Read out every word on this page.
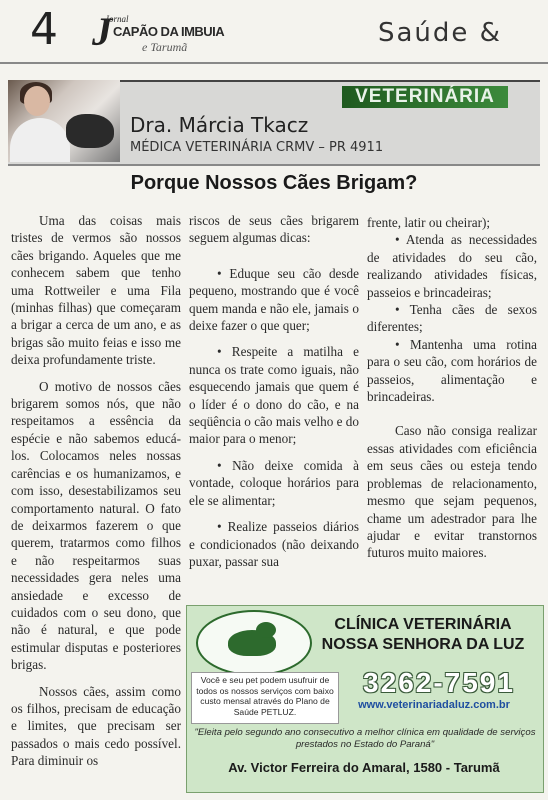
4 J
Jornal
CAPÃO DA IMBUIA
e Tarumã	Saúde &
VETERINÁRIA
Dra. Márcia Tkacz
MÉDICA VETERINÁRIA CRMV – PR 4911
Porque Nossos Cães Brigam?

Uma das coisas mais tristes de vermos são nossos cães brigando. Aqueles que me conhecem sabem que tenho uma Rottweiler e uma Fila (minhas filhas) que começaram a brigar a cerca de um ano, e as brigas são muito feias e isso me deixa profundamente triste.

O motivo de nossos cães brigarem somos nós, que não respeitamos a essência da espécie e não sabemos educá-los. Colocamos neles nossas carências e os humanizamos, e com isso, desestabilizamos seu comportamento natural. O fato de deixarmos fazerem o que querem, tratarmos como filhos e não respeitarmos suas necessidades gera neles uma ansiedade e excesso de cuidados com o seu dono, que não é natural, e que pode estimular disputas e posteriores brigas.

Nossos cães, assim como os filhos, precisam de educação e limites, que precisam ser passados o mais cedo possível. Para diminuir os

riscos de seus cães brigarem seguem algumas dicas:

• Eduque seu cão desde pequeno, mostrando que é você quem manda e não ele, jamais o deixe fazer o que quer;

• Respeite a matilha e nunca os trate como iguais, não esquecendo jamais que quem é o líder é o dono do cão, e na seqüência o cão mais velho e do maior para o menor;

• Não deixe comida à vontade, coloque horários para ele se alimentar;

• Realize passeios diários e condicionados (não deixando puxar, passar sua

frente, latir ou cheirar);

• Atenda as necessidades de atividades do seu cão, realizando atividades físicas, passeios e brincadeiras;

• Tenha cães de sexos diferentes;

• Mantenha uma rotina para o seu cão, com horários de passeios, alimentação e brincadeiras.

Caso não consiga realizar essas atividades com eficiência em seus cães ou esteja tendo problemas de relacionamento, mesmo que sejam pequenos, chame um adestrador para lhe ajudar e evitar transtornos futuros muito maiores.

CLÍNICA VETERINÁRIA
NOSSA SENHORA DA LUZ
Você e seu pet podem usufruir de todos os nossos serviços com baixo custo mensal através do Plano de Saúde PETLUZ.
3262-7591
www.veterinariadaluz.com.br
"Eleita pelo segundo ano consecutivo a melhor clínica em qualidade de serviços prestados no Estado do Paraná"
Av. Victor Ferreira do Amaral, 1580 - Tarumã
